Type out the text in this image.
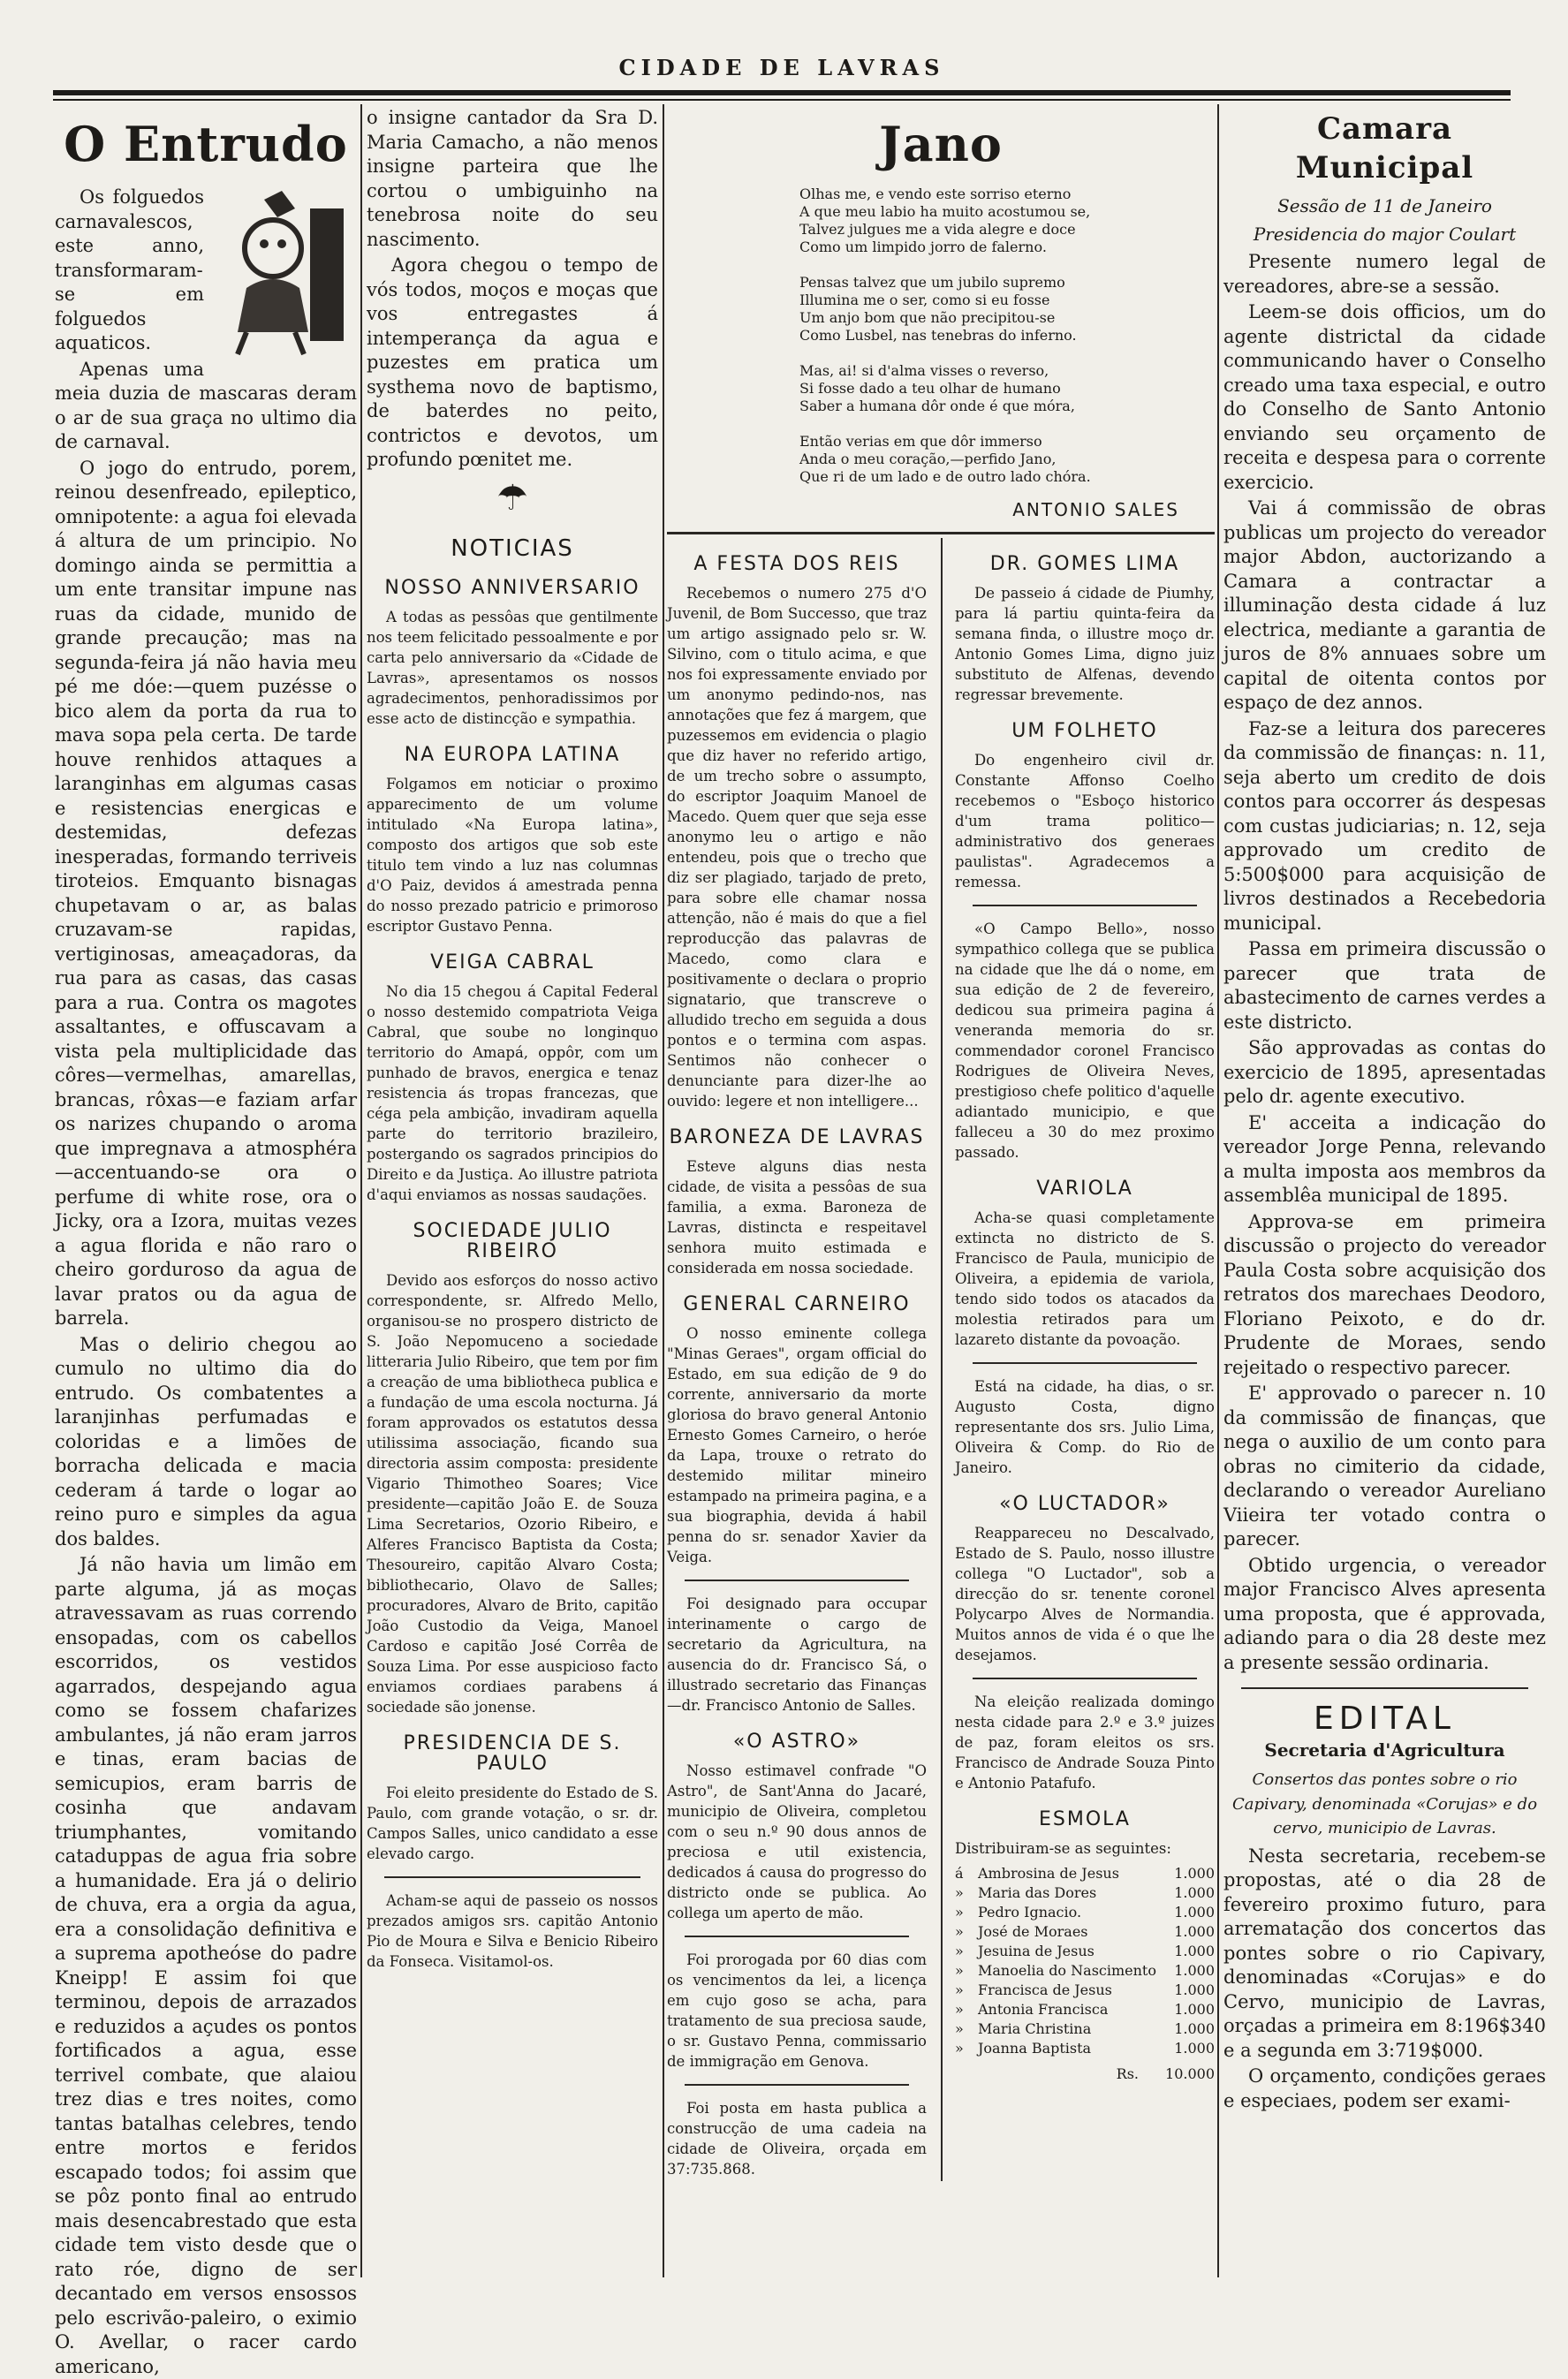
CIDADE DE LAVRAS
O Entrudo

Os folguedos carnavalescos, este anno, transformaram-se em folguedos aquaticos.

Apenas uma meia duzia de mascaras deram o ar de sua graça no ultimo dia de carnaval.

O jogo do entrudo, porem, reinou desenfreado, epileptico, omnipotente: a agua foi elevada á altura de um principio. No domingo ainda se permittia a um ente transitar impune nas ruas da cidade, munido de grande precaução; mas na segunda-feira já não havia meu pé me dóe:—quem puzésse o bico alem da porta da rua to mava sopa pela certa. De tarde houve renhidos attaques a laranginhas em algumas casas e resistencias energicas e destemidas, defezas inesperadas, formando terriveis tiroteios. Emquanto bisnagas chupetavam o ar, as balas cruzavam-se rapidas, vertiginosas, ameaçadoras, da rua para as casas, das casas para a rua. Contra os magotes assaltantes, e offuscavam a vista pela multiplicidade das côres—vermelhas, amarellas, brancas, rôxas—e faziam arfar os narizes chupando o aroma que impregnava a atmosphéra—accentuando-se ora o perfume di white rose, ora o Jicky, ora a Izora, muitas vezes a agua florida e não raro o cheiro gorduroso da agua de lavar pratos ou da agua de barrela.

Mas o delirio chegou ao cumulo no ultimo dia do entrudo. Os combatentes a laranjinhas perfumadas e coloridas e a limões de borracha delicada e macia cederam á tarde o logar ao reino puro e simples da agua dos baldes.

Já não havia um limão em parte alguma, já as moças atravessavam as ruas correndo ensopadas, com os cabellos escorridos, os vestidos agarrados, despejando agua como se fossem chafarizes ambulantes, já não eram jarros e tinas, eram bacias de semicupios, eram barris de cosinha que andavam triumphantes, vomitando cataduppas de agua fria sobre a humanidade. Era já o delirio de chuva, era a orgia da agua, era a consolidação definitiva e a suprema apotheóse do padre Kneipp! E assim foi que terminou, depois de arrazados e reduzidos a açudes os pontos fortificados a agua, esse terrivel combate, que alaiou trez dias e tres noites, como tantas batalhas celebres, tendo entre mortos e feridos escapado todos; foi assim que se pôz ponto final ao entrudo mais desencabrestado que esta cidade tem visto desde que o rato róe, digno de ser decantado em versos ensossos pelo escrivão-paleiro, o eximio O. Avellar, o racer cardo americano,

o insigne cantador da Sra D. Maria Camacho, a não menos insigne parteira que lhe cortou o umbiguinho na tenebrosa noite do seu nascimento.

Agora chegou o tempo de vós todos, moços e moças que vos entregastes á intemperança da agua e puzestes em pratica um systhema novo de baptismo, de baterdes no peito, contrictos e devotos, um profundo pœnitet me.

☂
NOTICIAS
NOSSO ANNIVERSARIO

A todas as pessôas que gentilmente nos teem felicitado pessoalmente e por carta pelo anniversario da «Cidade de Lavras», apresentamos os nossos agradecimentos, penhoradissimos por esse acto de distincção e sympathia.

NA EUROPA LATINA

Folgamos em noticiar o proximo apparecimento de um volume intitulado «Na Europa latina», composto dos artigos que sob este titulo tem vindo a luz nas columnas d'O Paiz, devidos á amestrada penna do nosso prezado patricio e primoroso escriptor Gustavo Penna.

VEIGA CABRAL

No dia 15 chegou á Capital Federal o nosso destemido compatriota Veiga Cabral, que soube no longinquo territorio do Amapá, oppôr, com um punhado de bravos, energica e tenaz resistencia ás tropas francezas, que céga pela ambição, invadiram aquella parte do territorio brazileiro, postergando os sagrados principios do Direito e da Justiça. Ao illustre patriota d'aqui enviamos as nossas saudações.

SOCIEDADE JULIO RIBEIRO

Devido aos esforços do nosso activo correspondente, sr. Alfredo Mello, organisou-se no prospero districto de S. João Nepomuceno a sociedade litteraria Julio Ribeiro, que tem por fim a creação de uma bibliotheca publica e a fundação de uma escola nocturna. Já foram approvados os estatutos dessa utilissima associação, ficando sua directoria assim composta: presidente Vigario Thimotheo Soares; Vice presidente—capitão João E. de Souza Lima Secretarios, Ozorio Ribeiro, e Alferes Francisco Baptista da Costa; Thesoureiro, capitão Alvaro Costa; bibliothecario, Olavo de Salles; procuradores, Alvaro de Brito, capitão João Custodio da Veiga, Manoel Cardoso e capitão José Corrêa de Souza Lima. Por esse auspicioso facto enviamos cordiaes parabens á sociedade são jonense.

PRESIDENCIA DE S. PAULO

Foi eleito presidente do Estado de S. Paulo, com grande votação, o sr. dr. Campos Salles, unico candidato a esse elevado cargo.

Acham-se aqui de passeio os nossos prezados amigos srs. capitão Antonio Pio de Moura e Silva e Benicio Ribeiro da Fonseca. Visitamol-os.

Jano
Olhas me, e vendo este sorriso eterno
A que meu labio ha muito acostumou se,
Talvez julgues me a vida alegre e doce
Como um limpido jorro de falerno.

Pensas talvez que um jubilo supremo
Illumina me o ser, como si eu fosse
Um anjo bom que não precipitou-se
Como Lusbel, nas tenebras do inferno.

Mas, ai! si d'alma visses o reverso,
Si fosse dado a teu olhar de humano
Saber a humana dôr onde é que móra,

Então verias em que dôr immerso
Anda o meu coração,—perfido Jano,
Que ri de um lado e de outro lado chóra.
ANTONIO SALES
A FESTA DOS REIS

Recebemos o numero 275 d'O Juvenil, de Bom Successo, que traz um artigo assignado pelo sr. W. Silvino, com o titulo acima, e que nos foi expressamente enviado por um anonymo pedindo-nos, nas annotações que fez á margem, que puzessemos em evidencia o plagio que diz haver no referido artigo, de um trecho sobre o assumpto, do escriptor Joaquim Manoel de Macedo. Quem quer que seja esse anonymo leu o artigo e não entendeu, pois que o trecho que diz ser plagiado, tarjado de preto, para sobre elle chamar nossa attenção, não é mais do que a fiel reproducção das palavras de Macedo, como clara e positivamente o declara o proprio signatario, que transcreve o alludido trecho em seguida a dous pontos e o termina com aspas. Sentimos não conhecer o denunciante para dizer-lhe ao ouvido: legere et non intelligere...

BARONEZA DE LAVRAS

Esteve alguns dias nesta cidade, de visita a pessôas de sua familia, a exma. Baroneza de Lavras, distincta e respeitavel senhora muito estimada e considerada em nossa sociedade.

GENERAL CARNEIRO

O nosso eminente collega "Minas Geraes", orgam official do Estado, em sua edição de 9 do corrente, anniversario da morte gloriosa do bravo general Antonio Ernesto Gomes Carneiro, o heróe da Lapa, trouxe o retrato do destemido militar mineiro estampado na primeira pagina, e a sua biographia, devida á habil penna do sr. senador Xavier da Veiga.

Foi designado para occupar interinamente o cargo de secretario da Agricultura, na ausencia do dr. Francisco Sá, o illustrado secretario das Finanças—dr. Francisco Antonio de Salles.

«O ASTRO»

Nosso estimavel confrade "O Astro", de Sant'Anna do Jacaré, municipio de Oliveira, completou com o seu n.º 90 dous annos de preciosa e util existencia, dedicados á causa do progresso do districto onde se publica. Ao collega um aperto de mão.

Foi prorogada por 60 dias com os vencimentos da lei, a licença em cujo goso se acha, para tratamento de sua preciosa saude, o sr. Gustavo Penna, commissario de immigração em Genova.

Foi posta em hasta publica a construcção de uma cadeia na cidade de Oliveira, orçada em 37:735.868.

DR. GOMES LIMA

De passeio á cidade de Piumhy, para lá partiu quinta-feira da semana finda, o illustre moço dr. Antonio Gomes Lima, digno juiz substituto de Alfenas, devendo regressar brevemente.

UM FOLHETO

Do engenheiro civil dr. Constante Affonso Coelho recebemos o "Esboço historico d'um trama politico—administrativo dos generaes paulistas". Agradecemos a remessa.

«O Campo Bello», nosso sympathico collega que se publica na cidade que lhe dá o nome, em sua edição de 2 de fevereiro, dedicou sua primeira pagina á veneranda memoria do sr. commendador coronel Francisco Rodrigues de Oliveira Neves, prestigioso chefe politico d'aquelle adiantado municipio, e que falleceu a 30 do mez proximo passado.

VARIOLA

Acha-se quasi completamente extincta no districto de S. Francisco de Paula, municipio de Oliveira, a epidemia de variola, tendo sido todos os atacados da molestia retirados para um lazareto distante da povoação.

Está na cidade, ha dias, o sr. Augusto Costa, digno representante dos srs. Julio Lima, Oliveira & Comp. do Rio de Janeiro.

«O LUCTADOR»

Reappareceu no Descalvado, Estado de S. Paulo, nosso illustre collega "O Luctador", sob a direcção do sr. tenente coronel Polycarpo Alves de Normandia. Muitos annos de vida é o que lhe desejamos.

Na eleição realizada domingo nesta cidade para 2.º e 3.º juizes de paz, foram eleitos os srs. Francisco de Andrade Souza Pinto e Antonio Patafufo.

ESMOLA
Distribuiram-se as seguintes:
á	Ambrosina de Jesus	1.000
»	Maria das Dores	1.000
»	Pedro Ignacio.	1.000
»	José de Moraes	1.000
»	Jesuina de Jesus	1.000
»	Manoelia do Nascimento	1.000
»	Francisca de Jesus	1.000
»	Antonia Francisca	1.000
»	Maria Christina	1.000
»	Joanna Baptista	1.000
Rs. 10.000
Camara Municipal
Sessão de 11 de Janeiro
Presidencia do major Coulart

Presente numero legal de vereadores, abre-se a sessão.

Leem-se dois officios, um do agente districtal da cidade communicando haver o Conselho creado uma taxa especial, e outro do Conselho de Santo Antonio enviando seu orçamento de receita e despesa para o corrente exercicio.

Vai á commissão de obras publicas um projecto do vereador major Abdon, auctorizando a Camara a contractar a illuminação desta cidade á luz electrica, mediante a garantia de juros de 8% annuaes sobre um capital de oitenta contos por espaço de dez annos.

Faz-se a leitura dos pareceres da commissão de finanças: n. 11, seja aberto um credito de dois contos para occorrer ás despesas com custas judiciarias; n. 12, seja approvado um credito de 5:500$000 para acquisição de livros destinados a Recebedoria municipal.

Passa em primeira discussão o parecer que trata de abastecimento de carnes verdes a este districto.

São approvadas as contas do exercicio de 1895, apresentadas pelo dr. agente executivo.

E' acceita a indicação do vereador Jorge Penna, relevando a multa imposta aos membros da assemblêa municipal de 1895.

Approva-se em primeira discussão o projecto do vereador Paula Costa sobre acquisição dos retratos dos marechaes Deodoro, Floriano Peixoto, e do dr. Prudente de Moraes, sendo rejeitado o respectivo parecer.

E' approvado o parecer n. 10 da commissão de finanças, que nega o auxilio de um conto para obras no cimiterio da cidade, declarando o vereador Aureliano Viieira ter votado contra o parecer.

Obtido urgencia, o vereador major Francisco Alves apresenta uma proposta, que é approvada, adiando para o dia 28 deste mez a presente sessão ordinaria.

EDITAL
Secretaria d'Agricultura
Consertos das pontes sobre o rio Capivary, denominada «Corujas» e do cervo, municipio de Lavras.

Nesta secretaria, recebem-se propostas, até o dia 28 de fevereiro proximo futuro, para arrematação dos concertos das pontes sobre o rio Capivary, denominadas «Corujas» e do Cervo, municipio de Lavras, orçadas a primeira em 8:196$340 e a segunda em 3:719$000.

O orçamento, condições geraes e especiaes, podem ser exami-
